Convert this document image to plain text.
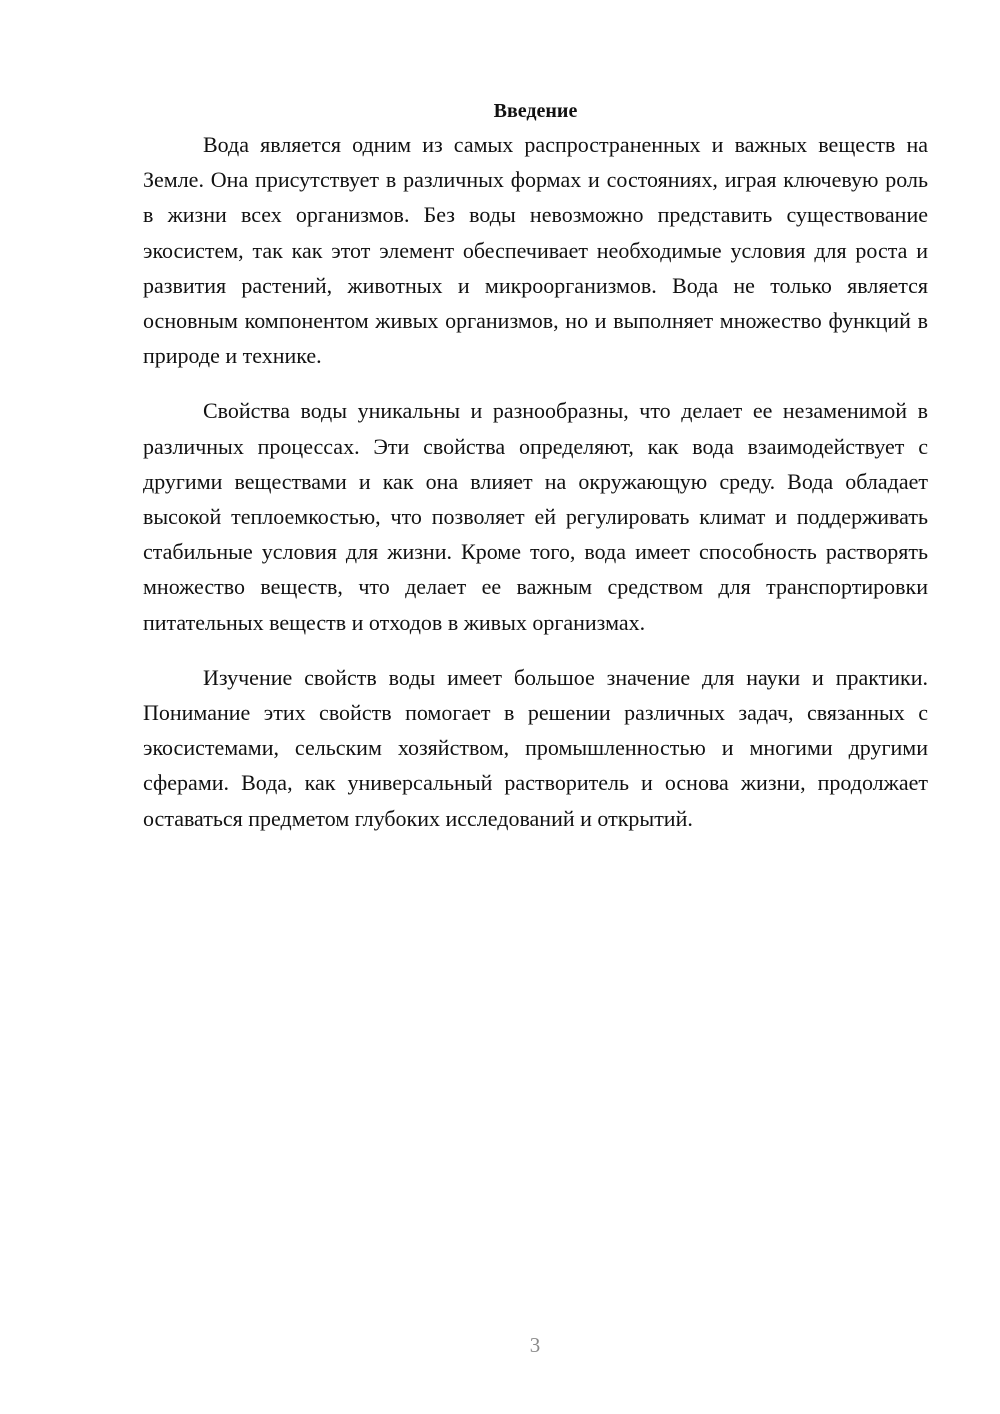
Введение

Вода является одним из самых распространенных и важных веществ на Земле. Она присутствует в различных формах и состояниях, играя ключевую роль в жизни всех организмов. Без воды невозможно представить существование экосистем, так как этот элемент обеспечивает необходимые условия для роста и развития растений, животных и микроорганизмов. Вода не только является основным компонентом живых организмов, но и выполняет множество функций в природе и технике.

Свойства воды уникальны и разнообразны, что делает ее незаменимой в различных процессах. Эти свойства определяют, как вода взаимодействует с другими веществами и как она влияет на окружающую среду. Вода обладает высокой теплоемкостью, что позволяет ей регулировать климат и поддерживать стабильные условия для жизни. Кроме того, вода имеет способность растворять множество веществ, что делает ее важным средством для транспортировки питательных веществ и отходов в живых организмах.

Изучение свойств воды имеет большое значение для науки и практики. Понимание этих свойств помогает в решении различных задач, связанных с экосистемами, сельским хозяйством, промышленностью и многими другими сферами. Вода, как универсальный растворитель и основа жизни, продолжает оставаться предметом глубоких исследований и открытий.

3
